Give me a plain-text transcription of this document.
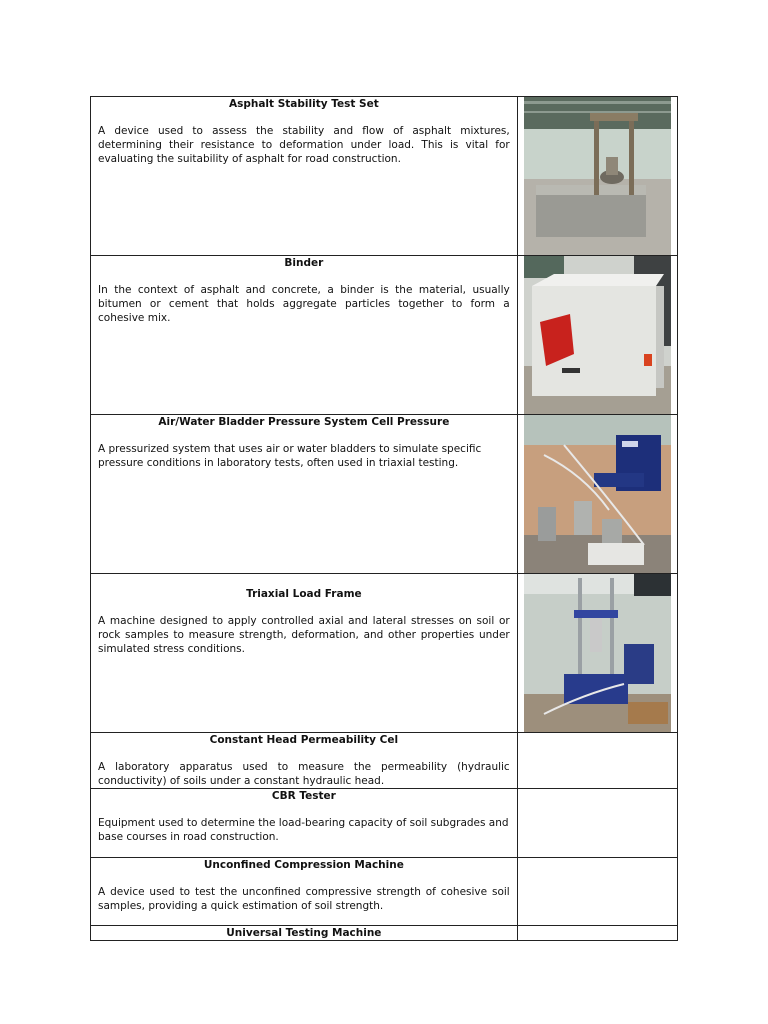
Asphalt Stability Test Set
A device used to assess the stability and flow of asphalt mixtures, determining their resistance to deformation under load. This is vital for evaluating the suitability of asphalt for road construction.

Binder
In the context of asphalt and concrete, a binder is the material, usually bitumen or cement that holds aggregate particles together to form a cohesive mix.

Air/Water Bladder Pressure System Cell Pressure
A pressurized system that uses air or water bladders to simulate specific pressure conditions in laboratory tests, often used in triaxial testing.

Triaxial Load Frame
A machine designed to apply controlled axial and lateral stresses on soil or rock samples to measure strength, deformation, and other properties under simulated stress conditions.

Constant Head Permeability Cel
A laboratory apparatus used to measure the permeability (hydraulic conductivity) of soils under a constant hydraulic head.	

CBR Tester
Equipment used to determine the load-bearing capacity of soil subgrades and base courses in road construction.	

Unconfined Compression Machine
A device used to test the unconfined compressive strength of cohesive soil samples, providing a quick estimation of soil strength.	

Universal Testing Machine	
